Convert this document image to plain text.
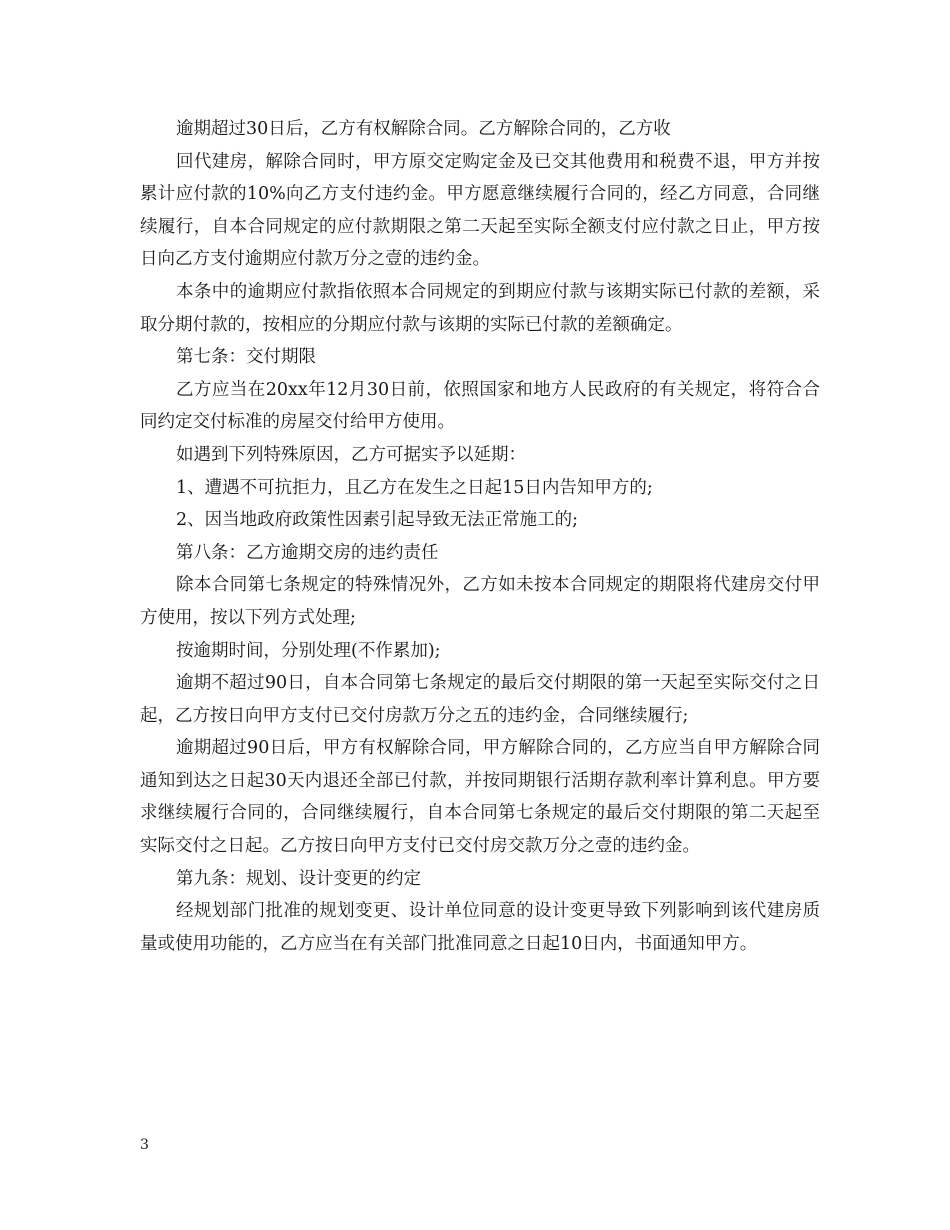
逾期超过30日后，乙方有权解除合同。乙方解除合同的，乙方收

回代建房，解除合同时，甲方原交定购定金及已交其他费用和税费不退，甲方并按累计应付款的10%向乙方支付违约金。甲方愿意继续履行合同的，经乙方同意，合同继续履行，自本合同规定的应付款期限之第二天起至实际全额支付应付款之日止，甲方按日向乙方支付逾期应付款万分之壹的违约金。

本条中的逾期应付款指依照本合同规定的到期应付款与该期实际已付款的差额，采取分期付款的，按相应的分期应付款与该期的实际已付款的差额确定。

第七条：交付期限

乙方应当在20xx年12月30日前，依照国家和地方人民政府的有关规定，将符合合同约定交付标准的房屋交付给甲方使用。

如遇到下列特殊原因，乙方可据实予以延期：

1、遭遇不可抗拒力，且乙方在发生之日起15日内告知甲方的;

2、因当地政府政策性因素引起导致无法正常施工的;

第八条：乙方逾期交房的违约责任

除本合同第七条规定的特殊情况外，乙方如未按本合同规定的期限将代建房交付甲方使用，按以下列方式处理;

按逾期时间，分别处理(不作累加);

逾期不超过90日，自本合同第七条规定的最后交付期限的第一天起至实际交付之日起，乙方按日向甲方支付已交付房款万分之五的违约金，合同继续履行;

逾期超过90日后，甲方有权解除合同，甲方解除合同的，乙方应当自甲方解除合同通知到达之日起30天内退还全部已付款，并按同期银行活期存款利率计算利息。甲方要求继续履行合同的，合同继续履行，自本合同第七条规定的最后交付期限的第二天起至实际交付之日起。乙方按日向甲方支付已交付房交款万分之壹的违约金。

第九条：规划、设计变更的约定

经规划部门批准的规划变更、设计单位同意的设计变更导致下列影响到该代建房质量或使用功能的，乙方应当在有关部门批准同意之日起10日内，书面通知甲方。

3
